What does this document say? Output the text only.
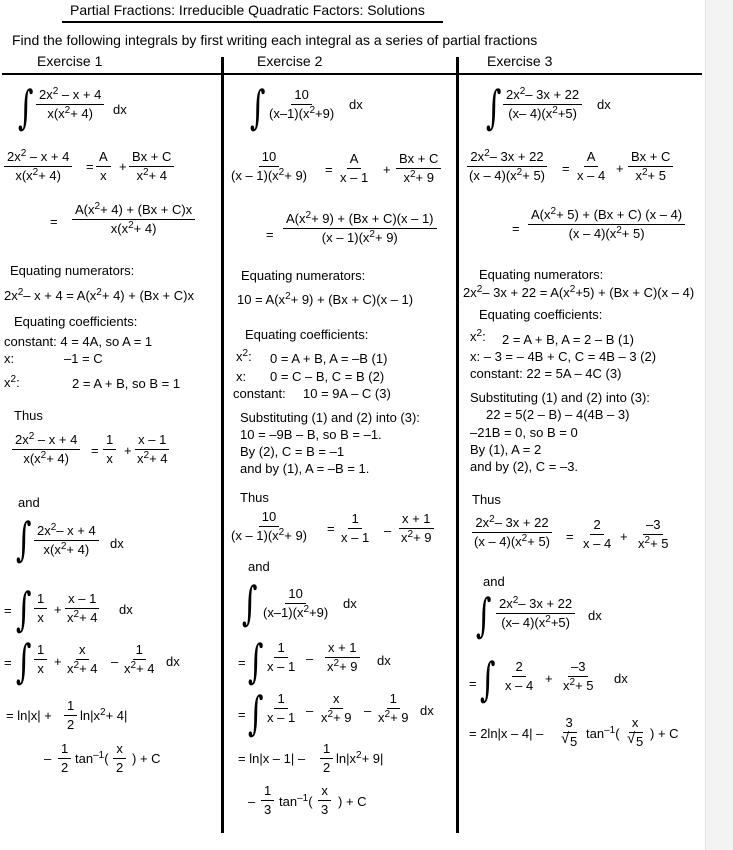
Partial Fractions: Irreducible Quadratic Factors: Solutions
Find the following integrals by first writing each integral as a series of partial fractions
Exercise 1	Exercise 2	Exercise 3
∫ $\frac{2x^2 - x + 4}{x(x^2+ 4)}$ dx
$\frac{2x^2 - x + 4}{x(x^2+ 4)} = \frac{A}{x} + \frac{Bx + C}{x^2+ 4}$
= $\frac{A(x^2+ 4) + (Bx + C)x}{x(x^2+ 4)}$
Equating numerators:
$2x^2-$ $x + 4 = A(x^2+ 4) + (Bx + C)x$
Equating coefficients:
constant: 4 = 4A, so A = 1
x:	–1 = C
$x^2$:	2 = A + B, so B = 1
Thus
$\frac{2x^2 - x + 4}{x(x^2+ 4)} = \frac{1}{x} + \frac{x - 1}{x^2+ 4}$
and
∫ $\frac{2x^2- x + 4}{x(x^2+ 4)}$ dx
= ∫ $\frac{1}{x} + \frac{x - 1}{x^2+ 4}$ dx
= ∫ $\frac{1}{x} + \frac{x}{x^2+ 4} - \frac{1}{x^2+ 4}$ dx
= $\ln|x| + \frac{1}{2} \ln|x^2+ 4|$
– $\frac{1}{2} \tan^{-1}( \frac{x}{2}$ ) + C
∫ $\frac{10}{(x-1)(x^2+9)}$ dx
$\frac{10}{(x - 1)(x^2+ 9)} = \frac{A}{x - 1} + \frac{Bx + C}{x^2+ 9}$
= $\frac{A(x^2+ 9) + (Bx + C)(x - 1)}{(x - 1)(x^2+ 9)}$
Equating numerators:
$10 = A(x^2+ 9) + (Bx + C)(x - 1)$
Equating coefficients:
$x^2$: 0 = A + B, A = –B (1)
x: 0 = C – B, C = B (2)
constant: 10 = 9A – C (3)
Substituting (1) and (2) into (3):
10 = –9B – B, so B = –1.
By (2), C = B = –1
and by (1), A = –B = 1.
Thus
$\frac{10}{(x - 1)(x^2+ 9)} = \frac{1}{x - 1} - \frac{x + 1}{x^2+ 9}$
and
∫ $\frac{10}{(x-1)(x^2+9)}$ dx
= ∫ $\frac{1}{x - 1} - \frac{x + 1}{x^2+ 9}$ dx
= ∫ $\frac{1}{x - 1} - \frac{x}{x^2+ 9} - \frac{1}{x^2+ 9}$ dx
= $\ln|x - 1| - \frac{1}{2} \ln|x^2+ 9|$
– $\frac{1}{3} \tan^{-1}( \frac{x}{3}$ ) + C
∫ $\frac{2x^2- 3x + 22}{(x- 4)(x^2+5)}$ dx
$\frac{2x^2- 3x + 22}{(x - 4)(x^2+ 5)} = \frac{A}{x - 4} + \frac{Bx + C}{x^2+ 5}$
= $\frac{A(x^2+ 5) + (Bx + C) (x - 4)}{(x - 4)(x^2+ 5)}$
Equating numerators:
$2x^2-$ $3x + 22 = A(x^2+5) + (Bx + C)(x - 4)$
Equating coefficients:
$x^2$: 2 = A + B, A = 2 – B (1)
x: – 3 = – 4B + C, C = 4B – 3 (2)
constant: 22 = 5A – 4C (3)
Substituting (1) and (2) into (3):
22 = 5(2 – B) – 4(4B – 3)
–21B = 0, so B = 0
By (1), A = 2
and by (2), C = –3.
Thus
$\frac{2x^2- 3x + 22}{(x - 4)(x^2+ 5)} = \frac{2}{x - 4} + \frac{-3}{x^2+ 5}$
and
∫ $\frac{2x^2- 3x + 22}{(x- 4)(x^2+5)}$ dx
= ∫ $\frac{2}{x - 4} + \frac{-3}{x^2+ 5}$ dx
= $2\ln|x - 4| - \frac{3}{√ 5} \tan^{-1}( \frac{x}{√ 5}$ ) + C
